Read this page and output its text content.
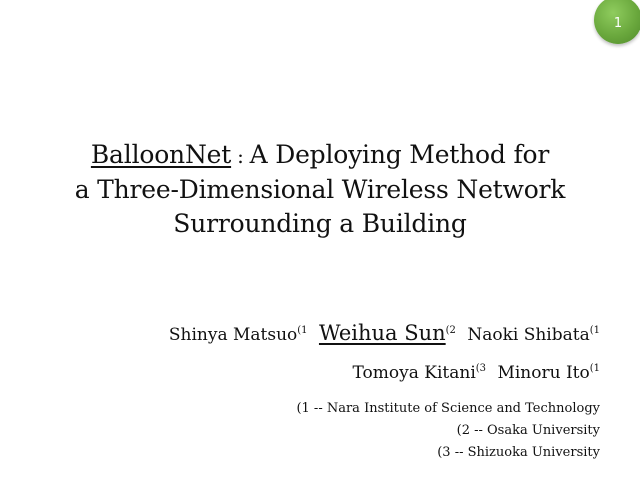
1
BalloonNet : A Deploying Method for
a Three-Dimensional Wireless Network
Surrounding a Building
Shinya Matsuo$^{(1}$ Weihua Sun$^{(2}$ Naoki Shibata$^{(1}$
Tomoya Kitani$^{(3}$ Minoru Ito$^{(1}$
(1 -- Nara Institute of Science and Technology
(2 -- Osaka University
(3 -- Shizuoka University
